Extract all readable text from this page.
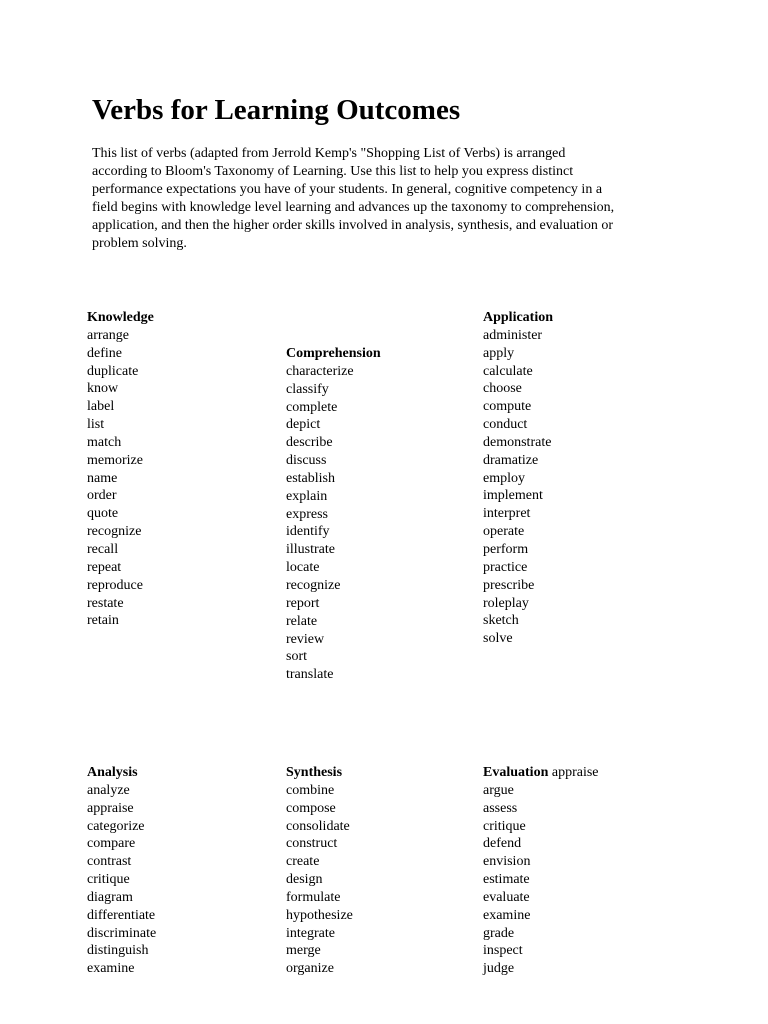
Verbs for Learning Outcomes

This list of verbs (adapted from Jerrold Kemp's "Shopping List of Verbs) is arranged
according to Bloom's Taxonomy of Learning. Use this list to help you express distinct
performance expectations you have of your students. In general, cognitive competency in a
field begins with knowledge level learning and advances up the taxonomy to comprehension,
application, and then the higher order skills involved in analysis, synthesis, and evaluation or
problem solving.

Knowledge
arrange
define
duplicate
know
label
list
match
memorize
name
order
quote
recognize
recall
repeat
reproduce
restate
retain
Comprehension
characterize
classify
complete
depict
describe
discuss
establish
explain
express
identify
illustrate
locate
recognize
report
relate
review
sort
translate
Application
administer
apply
calculate
choose
compute
conduct
demonstrate
dramatize
employ
implement
interpret
operate
perform
practice
prescribe
roleplay
sketch
solve
Analysis
analyze
appraise
categorize
compare
contrast
critique
diagram
differentiate
discriminate
distinguish
examine
Synthesis
combine
compose
consolidate
construct
create
design
formulate
hypothesize
integrate
merge
organize
Evaluation appraise
argue
assess
critique
defend
envision
estimate
evaluate
examine
grade
inspect
judge
